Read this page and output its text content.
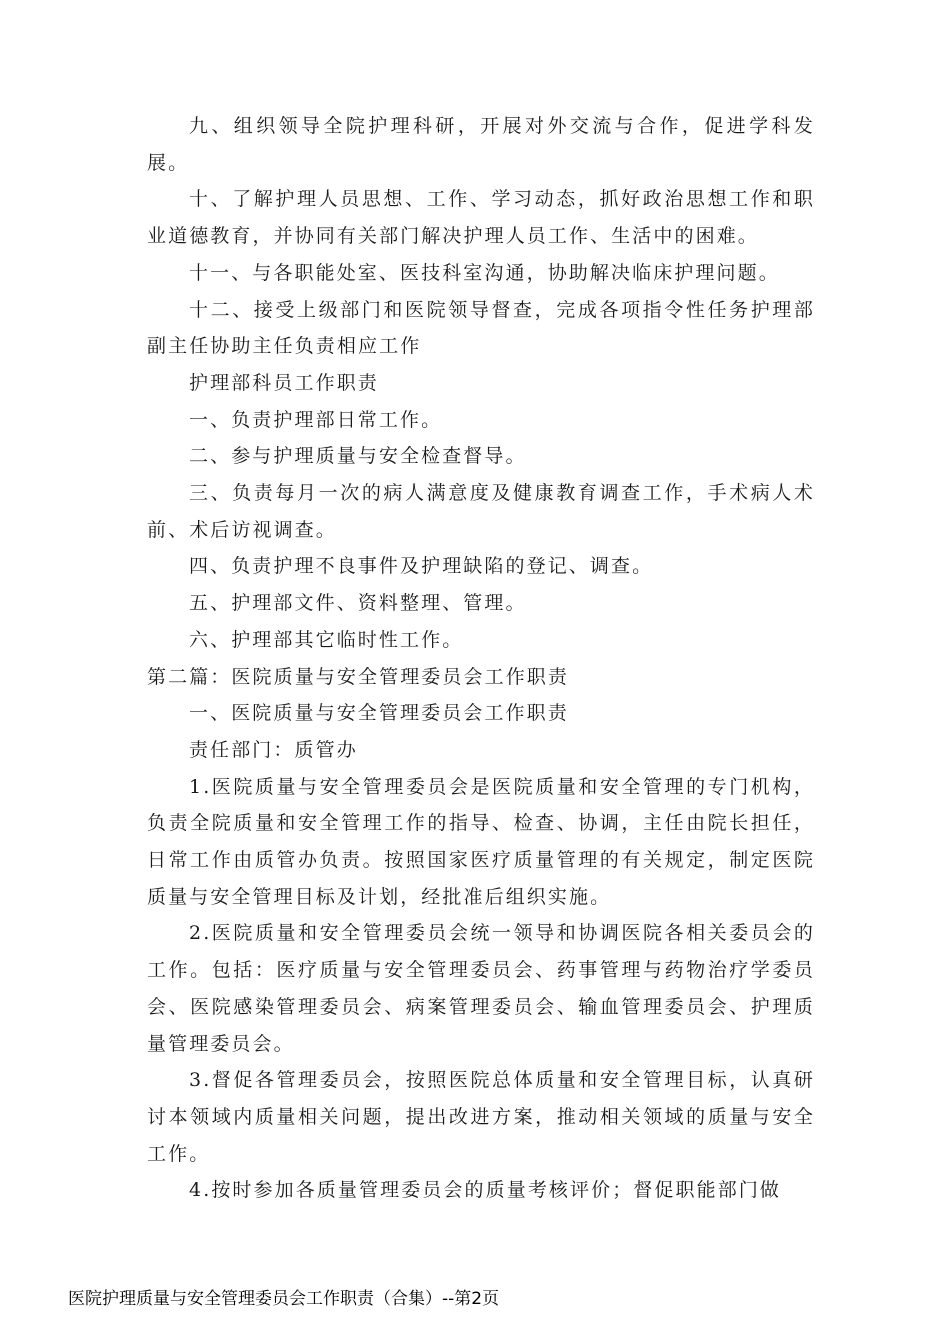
九、组织领导全院护理科研，开展对外交流与合作，促进学科发展。

十、了解护理人员思想、工作、学习动态，抓好政治思想工作和职业道德教育，并协同有关部门解决护理人员工作、生活中的困难。

十一、与各职能处室、医技科室沟通，协助解决临床护理问题。

十二、接受上级部门和医院领导督查，完成各项指令性任务护理部副主任协助主任负责相应工作

护理部科员工作职责

一、负责护理部日常工作。

二、参与护理质量与安全检查督导。

三、负责每月一次的病人满意度及健康教育调查工作，手术病人术前、术后访视调查。

四、负责护理不良事件及护理缺陷的登记、调查。

五、护理部文件、资料整理、管理。

六、护理部其它临时性工作。

第二篇：医院质量与安全管理委员会工作职责

一、医院质量与安全管理委员会工作职责

责任部门：质管办

1.医院质量与安全管理委员会是医院质量和安全管理的专门机构，负责全院质量和安全管理工作的指导、检查、协调，主任由院长担任，日常工作由质管办负责。按照国家医疗质量管理的有关规定，制定医院质量与安全管理目标及计划，经批准后组织实施。

2.医院质量和安全管理委员会统一领导和协调医院各相关委员会的工作。包括：医疗质量与安全管理委员会、药事管理与药物治疗学委员会、医院感染管理委员会、病案管理委员会、输血管理委员会、护理质量管理委员会。

3.督促各管理委员会，按照医院总体质量和安全管理目标，认真研讨本领域内质量相关问题，提出改进方案，推动相关领域的质量与安全工作。

4.按时参加各质量管理委员会的质量考核评价；督促职能部门做

医院护理质量与安全管理委员会工作职责（合集）--第2页
